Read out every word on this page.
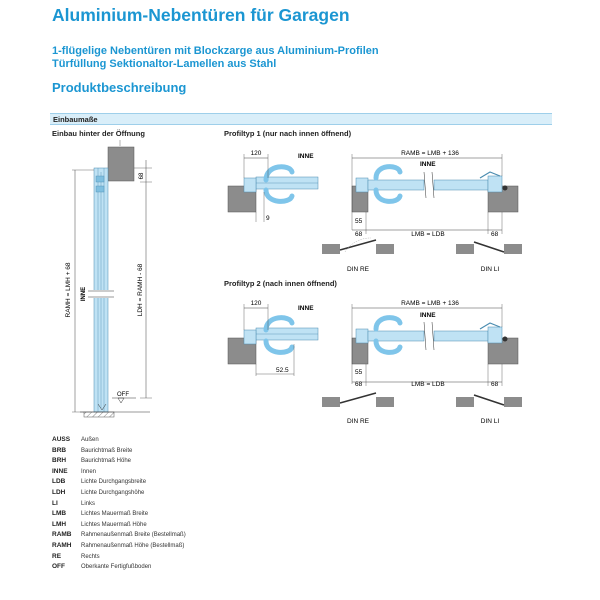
Aluminium-Nebentüren für Garagen
1-flügelige Nebentüren mit Blockzarge aus Aluminium-Profilen
Türfüllung Sektionaltor-Lamellen aus Stahl
Produktbeschreibung
Einbaumaße
Einbau hinter der Öffnung	Profiltyp 1 (nur nach innen öffnend)
Profiltyp 2 (nach innen öffnend)
68
RAMH = LMH + 68	LDH = RAMH - 68
INNE
OFF
120	INNE
9
RAMB = LMB + 136
INNE
55
68	LMB = LDB	68
DIN RE	DIN LI
120
INNE
52.5
RAMB = LMB + 136
INNE
55
68	LMB = LDB	68
DIN RE	DIN LI
AUSS	Außen
BRB	Baurichtmaß Breite
BRH	Baurichtmaß Höhe
INNE	Innen
LDB	Lichte Durchgangsbreite
LDH	Lichte Durchgangshöhe
LI	Links
LMB	Lichtes Mauermaß Breite
LMH	Lichtes Mauermaß Höhe
RAMB	Rahmenaußenmaß Breite (Bestellmaß)
RAMH	Rahmenaußenmaß Höhe (Bestellmaß)
RE	Rechts
OFF	Oberkante Fertigfußboden
